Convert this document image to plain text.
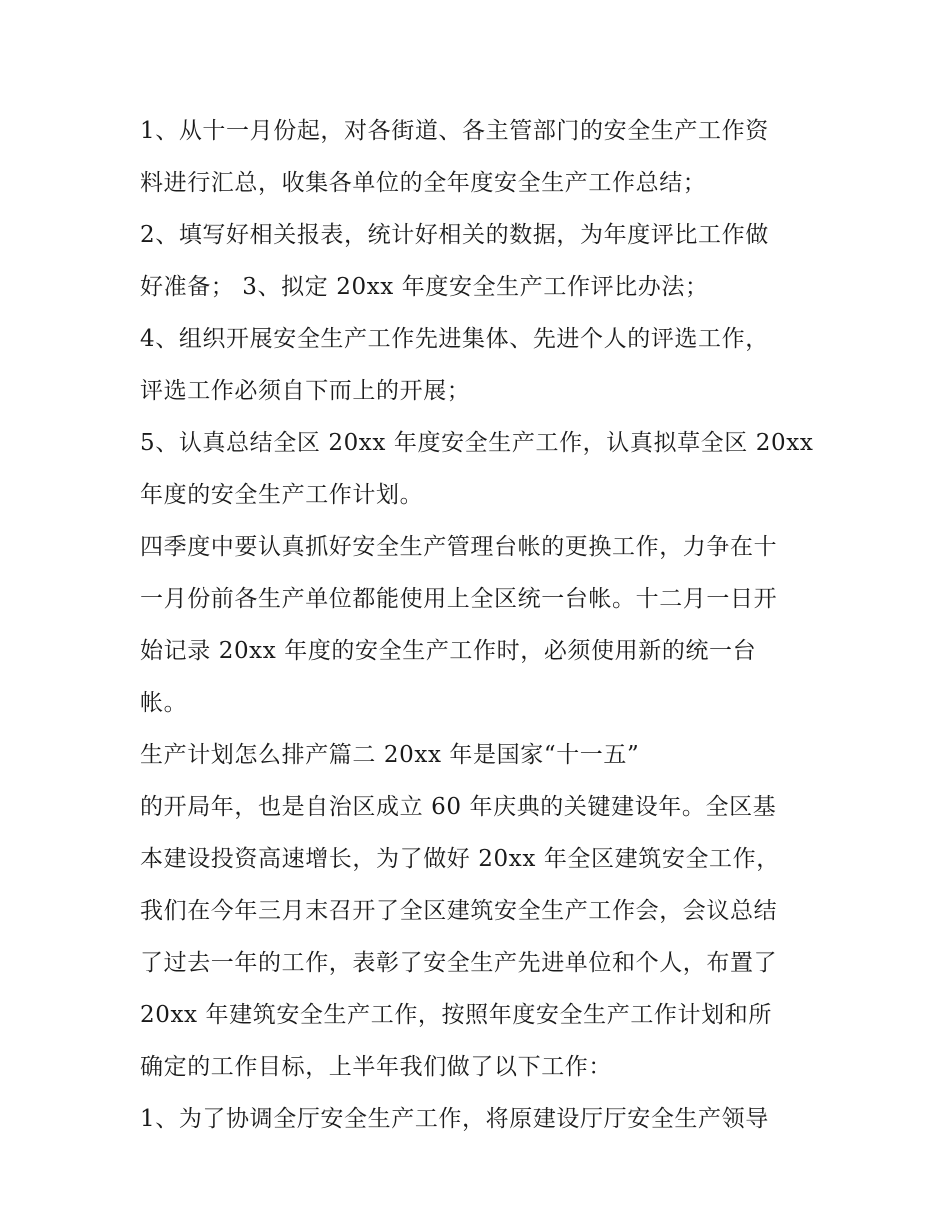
1、从十一月份起，对各街道、各主管部门的安全生产工作资
料进行汇总，收集各单位的全年度安全生产工作总结；
2、填写好相关报表，统计好相关的数据，为年度评比工作做
好准备； 3、拟定 20xx 年度安全生产工作评比办法；
4、组织开展安全生产工作先进集体、先进个人的评选工作，
评选工作必须自下而上的开展；
5、认真总结全区 20xx 年度安全生产工作，认真拟草全区 20xx
年度的安全生产工作计划。
四季度中要认真抓好安全生产管理台帐的更换工作，力争在十
一月份前各生产单位都能使用上全区统一台帐。十二月一日开
始记录 20xx 年度的安全生产工作时，必须使用新的统一台
帐。
生产计划怎么排产篇二 20xx 年是国家“十一五”
的开局年，也是自治区成立 60 年庆典的关键建设年。全区基
本建设投资高速增长，为了做好 20xx 年全区建筑安全工作，
我们在今年三月末召开了全区建筑安全生产工作会，会议总结
了过去一年的工作，表彰了安全生产先进单位和个人，布置了
20xx 年建筑安全生产工作，按照年度安全生产工作计划和所
确定的工作目标，上半年我们做了以下工作：
1、为了协调全厅安全生产工作，将原建设厅厅安全生产领导
